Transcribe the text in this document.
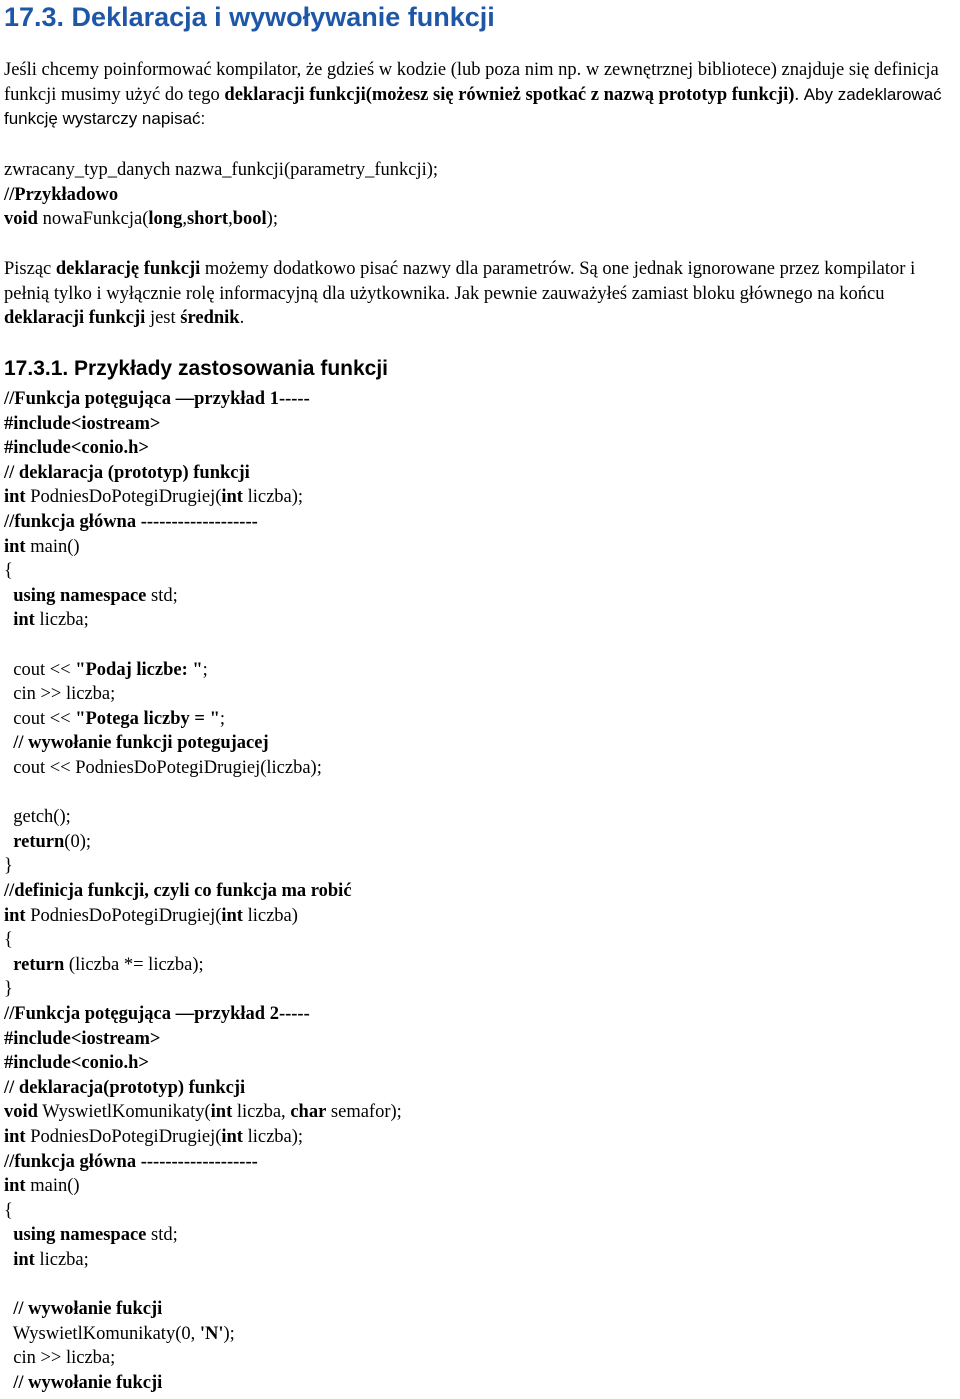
17.3. Deklaracja i wywoływanie funkcji

Jeśli chcemy poinformować kompilator, że gdzieś w kodzie (lub poza nim np. w zewnętrznej bibliotece) znajduje się definicja funkcji musimy użyć do tego deklaracji funkcji(możesz się również spotkać z nazwą prototyp funkcji). Aby zadeklarować funkcję wystarczy napisać:

zwracany_typ_danych nazwa_funkcji(parametry_funkcji);
//Przykładowo
void nowaFunkcja(long,short,bool);

Pisząc deklarację funkcji możemy dodatkowo pisać nazwy dla parametrów. Są one jednak ignorowane przez kompilator i pełnią tylko i wyłącznie rolę informacyjną dla użytkownika. Jak pewnie zauważyłeś zamiast bloku głównego na końcu deklaracji funkcji jest średnik.

17.3.1. Przykłady zastosowania funkcji
//Funkcja potęgująca —przykład 1-----
#include<iostream>
#include<conio.h>
// deklaracja (prototyp) funkcji
int PodniesDoPotegiDrugiej(int liczba);
//funkcja główna -------------------
int main()
{
using namespace std;
int liczba;
cout << "Podaj liczbe: ";
cin >> liczba;
cout << "Potega liczby = ";
// wywołanie funkcji potegujacej
cout << PodniesDoPotegiDrugiej(liczba);
getch();
return(0);
}
//definicja funkcji, czyli co funkcja ma robić
int PodniesDoPotegiDrugiej(int liczba)
{
return (liczba *= liczba);
}
//Funkcja potęgująca —przykład 2-----
#include<iostream>
#include<conio.h>
// deklaracja(prototyp) funkcji
void WyswietlKomunikaty(int liczba, char semafor);
int PodniesDoPotegiDrugiej(int liczba);
//funkcja główna -------------------
int main()
{
using namespace std;
int liczba;
// wywołanie fukcji
WyswietlKomunikaty(0, 'N');
cin >> liczba;
// wywołanie fukcji
